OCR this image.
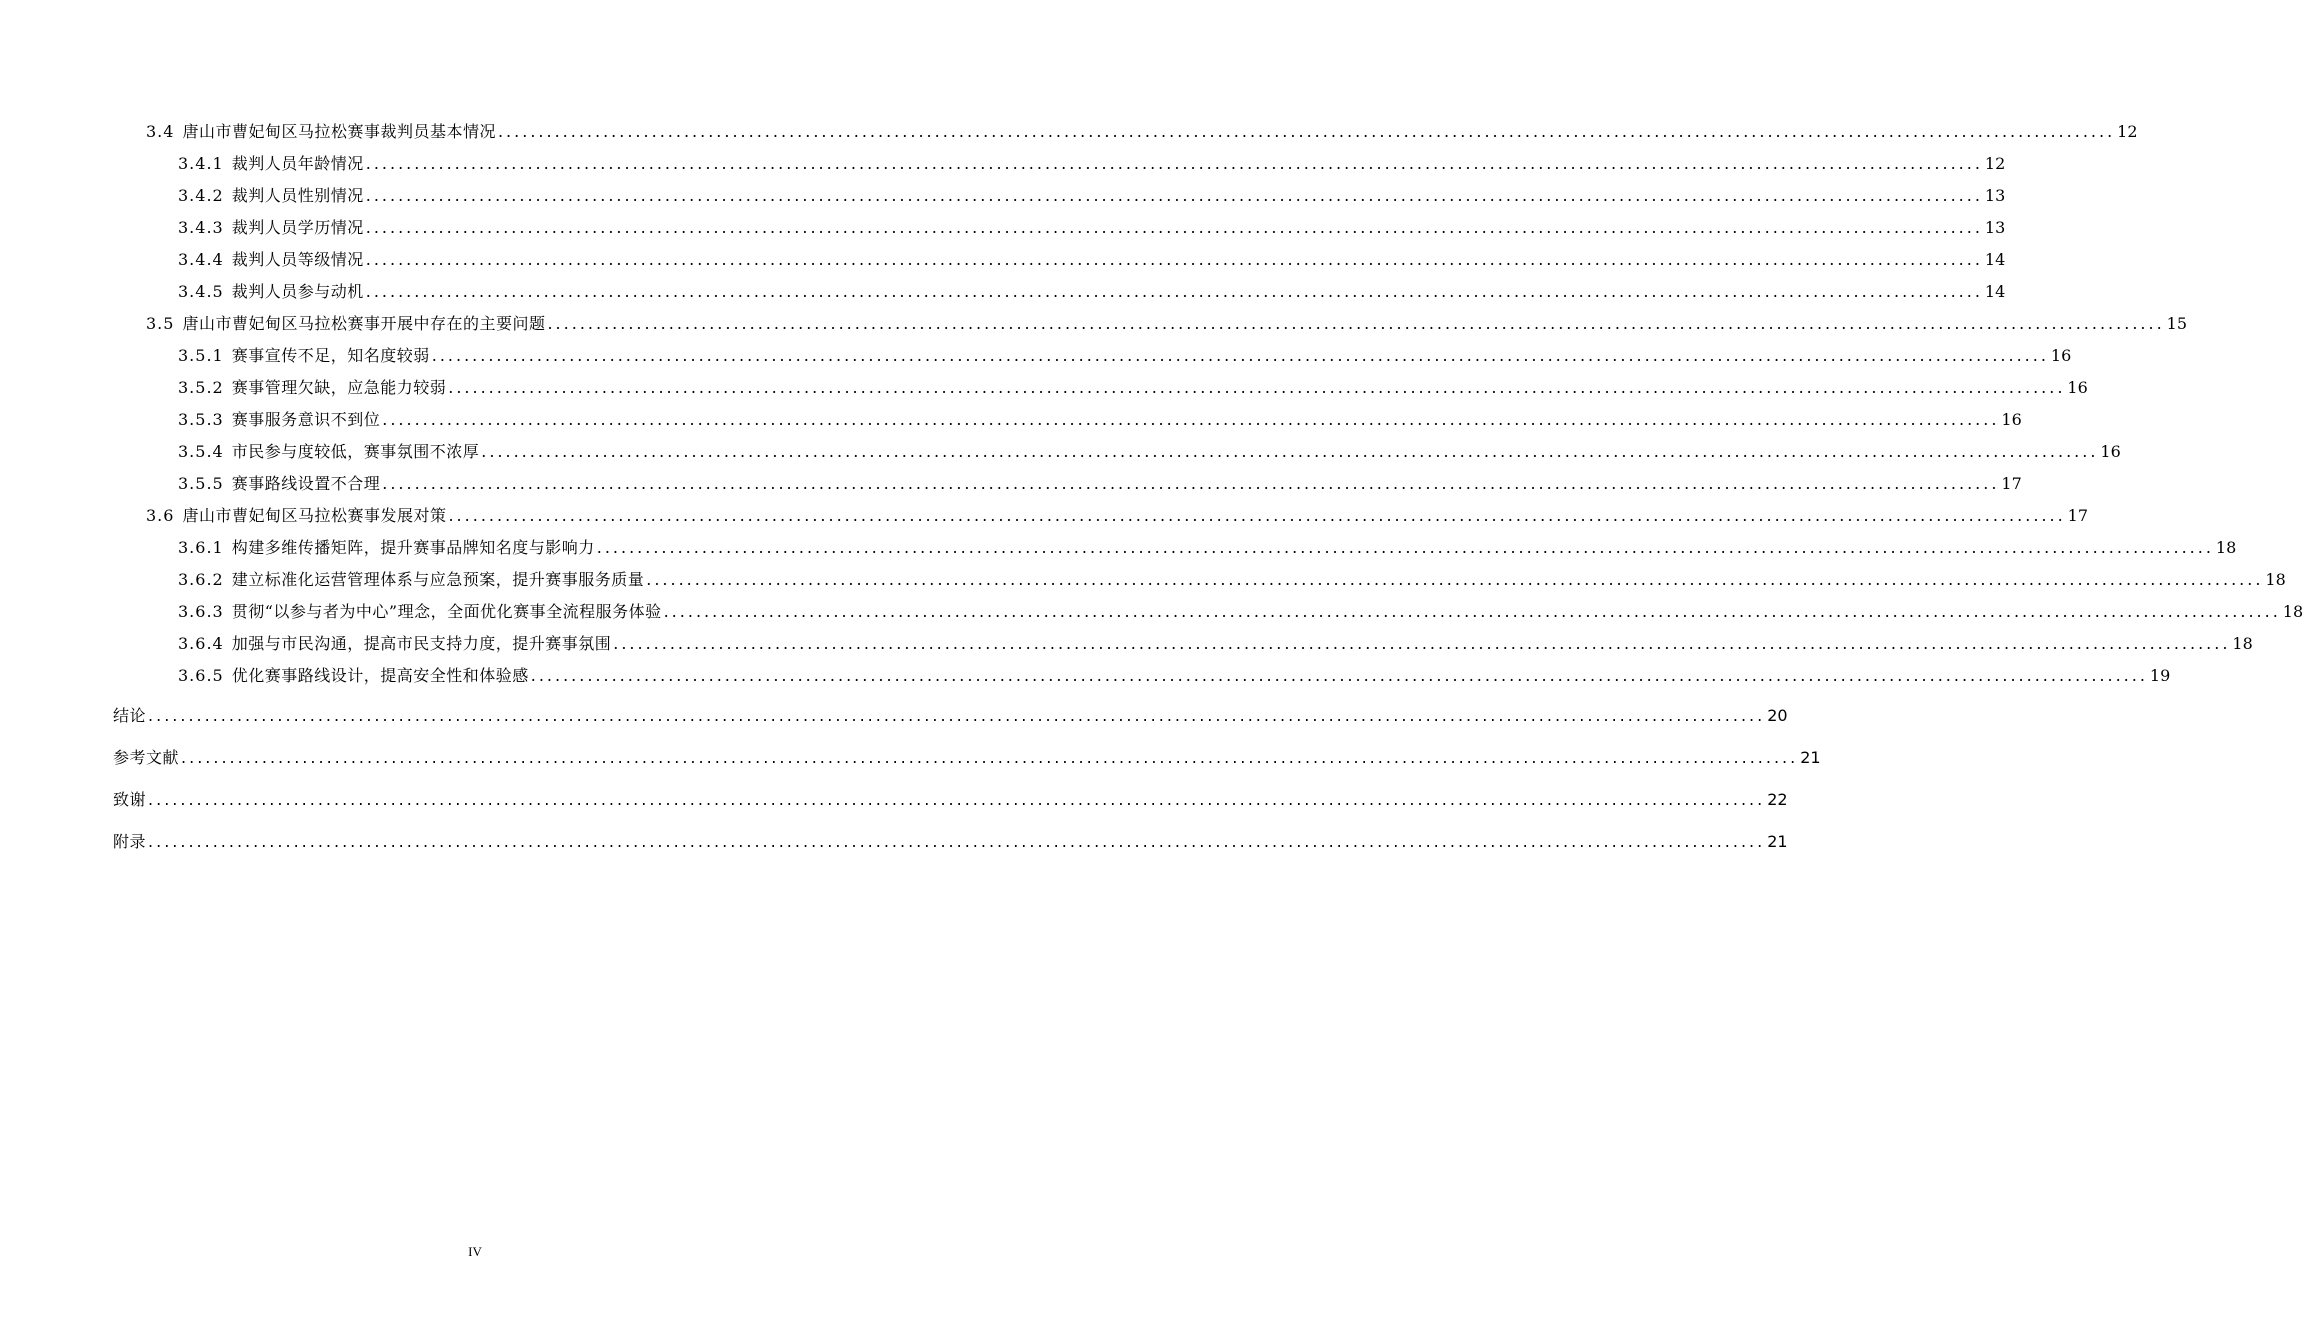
3.4 唐山市曹妃甸区马拉松赛事裁判员基本情况 ........................................................................................................................................................................................................ 12
3.4.1 裁判人员年龄情况 ........................................................................................................................................................................................................ 12
3.4.2 裁判人员性别情况 ........................................................................................................................................................................................................ 13
3.4.3 裁判人员学历情况 ........................................................................................................................................................................................................ 13
3.4.4 裁判人员等级情况 ........................................................................................................................................................................................................ 14
3.4.5 裁判人员参与动机 ........................................................................................................................................................................................................ 14
3.5 唐山市曹妃甸区马拉松赛事开展中存在的主要问题 ........................................................................................................................................................................................................ 15
3.5.1 赛事宣传不足，知名度较弱 ........................................................................................................................................................................................................ 16
3.5.2 赛事管理欠缺，应急能力较弱 ........................................................................................................................................................................................................ 16
3.5.3 赛事服务意识不到位 ........................................................................................................................................................................................................ 16
3.5.4 市民参与度较低，赛事氛围不浓厚 ........................................................................................................................................................................................................ 16
3.5.5 赛事路线设置不合理 ........................................................................................................................................................................................................ 17
3.6 唐山市曹妃甸区马拉松赛事发展对策 ........................................................................................................................................................................................................ 17
3.6.1 构建多维传播矩阵，提升赛事品牌知名度与影响力 ........................................................................................................................................................................................................ 18
3.6.2 建立标准化运营管理体系与应急预案，提升赛事服务质量 ........................................................................................................................................................................................................ 18
3.6.3 贯彻“以参与者为中心”理念，全面优化赛事全流程服务体验 ........................................................................................................................................................................................................ 18
3.6.4 加强与市民沟通，提高市民支持力度，提升赛事氛围 ........................................................................................................................................................................................................ 18
3.6.5 优化赛事路线设计，提高安全性和体验感 ........................................................................................................................................................................................................ 19
结论 ........................................................................................................................................................................................................ 20
参考文献 ........................................................................................................................................................................................................ 21
致谢 ........................................................................................................................................................................................................ 22
附录 ........................................................................................................................................................................................................ 21
IV
